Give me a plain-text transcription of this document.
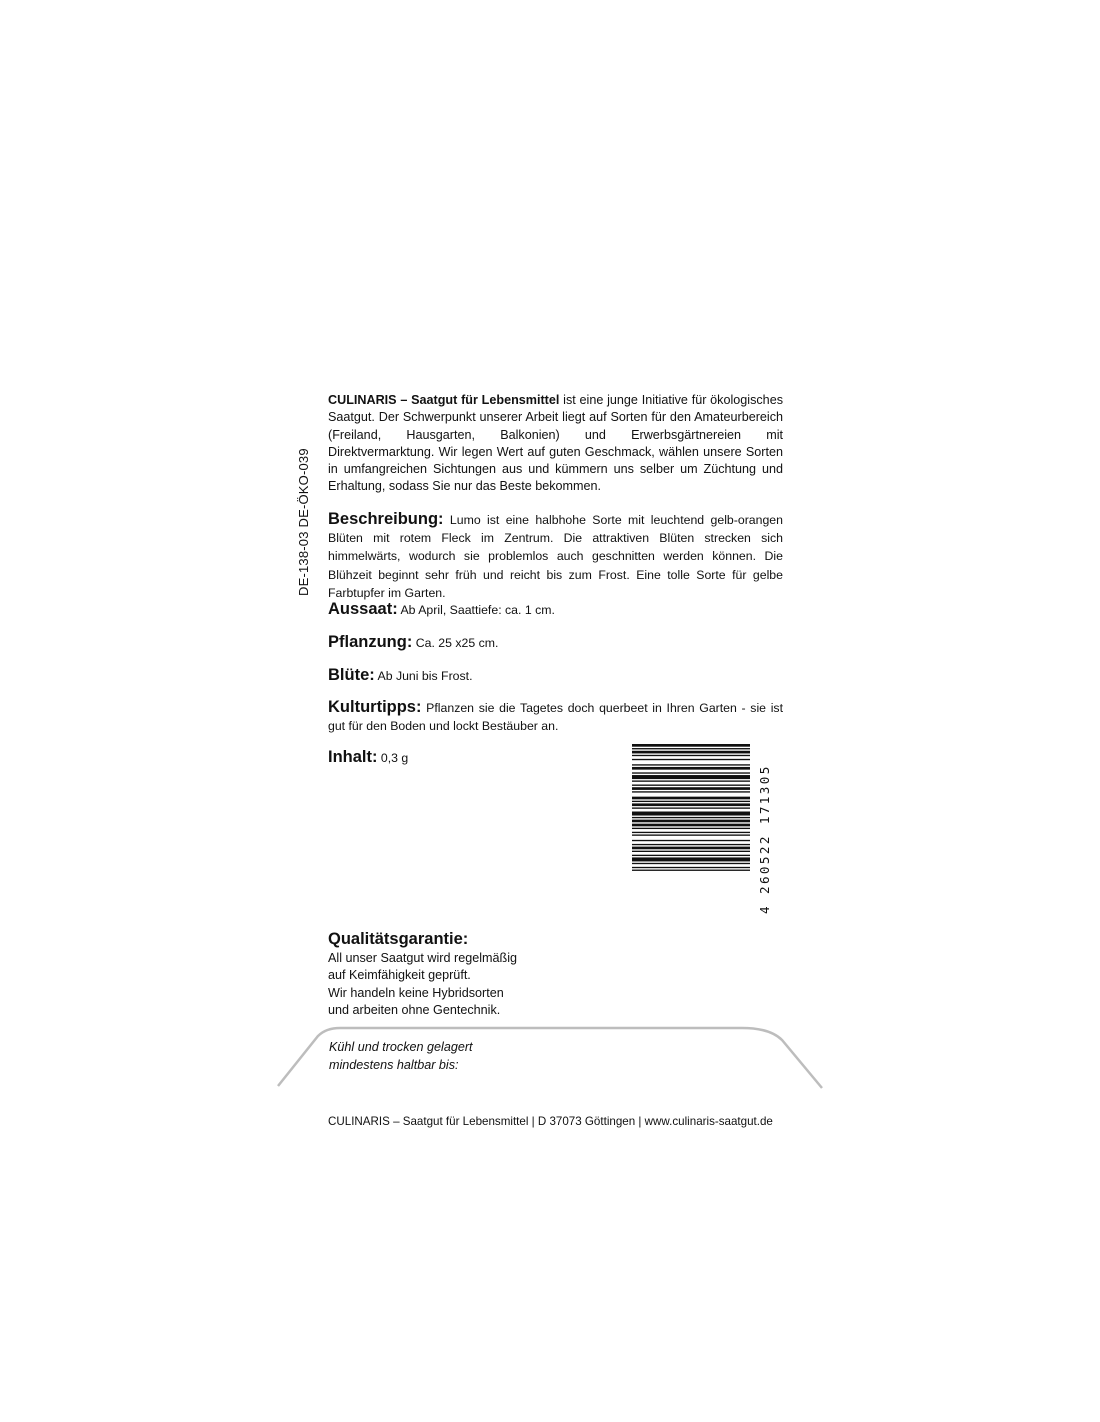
DE-138-03 DE-ÖKO-039
CULINARIS – Saatgut für Lebensmittel ist eine junge Initiative für ökologisches Saatgut. Der Schwerpunkt unserer Arbeit liegt auf Sorten für den Amateurbereich (Freiland, Hausgarten, Balkonien) und Erwerbsgärtnereien mit Direktvermarktung. Wir legen Wert auf guten Geschmack, wählen unsere Sorten in umfangreichen Sichtungen aus und kümmern uns selber um Züchtung und Erhaltung, sodass Sie nur das Beste bekommen.
Beschreibung: Lumo ist eine halbhohe Sorte mit leuchtend gelb-orangen Blüten mit rotem Fleck im Zentrum. Die attraktiven Blüten strecken sich himmelwärts, wodurch sie problemlos auch geschnitten werden können. Die Blühzeit beginnt sehr früh und reicht bis zum Frost. Eine tolle Sorte für gelbe Farbtupfer im Garten.
Aussaat: Ab April, Saattiefe: ca. 1 cm.
Pflanzung: Ca. 25 x25 cm.
Blüte: Ab Juni bis Frost.
Kulturtipps: Pflanzen sie die Tagetes doch querbeet in Ihren Garten - sie ist gut für den Boden und lockt Bestäuber an.
Inhalt: 0,3 g
4 260522 171305
Qualitätsgarantie:
All unser Saatgut wird regelmäßig
auf Keimfähigkeit geprüft.
Wir handeln keine Hybridsorten
und arbeiten ohne Gentechnik.
Kühl und trocken gelagert
mindestens haltbar bis:
CULINARIS – Saatgut für Lebensmittel | D 37073 Göttingen | www.culinaris-saatgut.de
